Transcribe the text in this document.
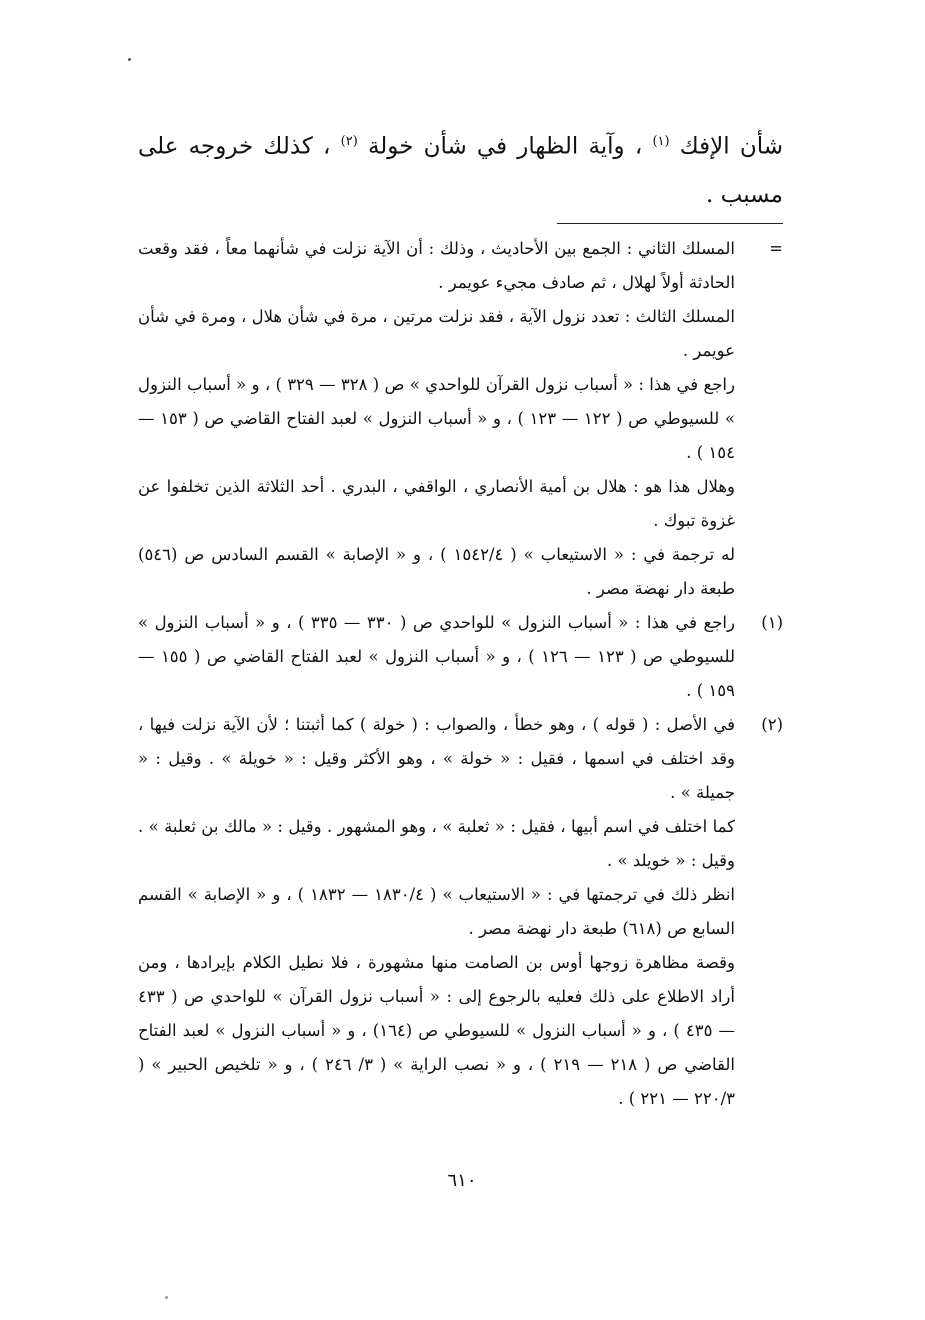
شأن الإفك $^{(١)}$ ، وآية الظهار في شأن خولة $^{(٢)}$ ، كذلك خروجه على مسبب .

=

المسلك الثاني : الجمع بين الأحاديث ، وذلك : أن الآية نزلت في شأنهما معاً ، فقد وقعت الحادثة أولاً لهلال ، ثم صادف مجيء عويمر .

المسلك الثالث : تعدد نزول الآية ، فقد نزلت مرتين ، مرة في شأن هلال ، ومرة في شأن عويمر .

راجع في هذا : « أسباب نزول القرآن للواحدي » ص ( ٣٢٨ — ٣٢٩ ) ، و « أسباب النزول » للسيوطي ص ( ١٢٢ — ١٢٣ ) ، و « أسباب النزول » لعبد الفتاح القاضي ص ( ١٥٣ — ١٥٤ ) .

وهلال هذا هو : هلال بن أمية الأنصاري ، الواقفي ، البدري . أحد الثلاثة الذين تخلفوا عن غزوة تبوك .

له ترجمة في : « الاستيعاب » ( ١٥٤٢/٤ ) ، و « الإصابة » القسم السادس ص (٥٤٦) طبعة دار نهضة مصر .

(١)

راجع في هذا : « أسباب النزول » للواحدي ص ( ٣٣٠ — ٣٣٥ ) ، و « أسباب النزول » للسيوطي ص ( ١٢٣ — ١٢٦ ) ، و « أسباب النزول » لعبد الفتاح القاضي ص ( ١٥٥ — ١٥٩ ) .

(٢)

في الأصل : ( قوله ) ، وهو خطأ ، والصواب : ( خولة ) كما أثبتنا ؛ لأن الآية نزلت فيها ، وقد اختلف في اسمها ، فقيل : « خولة » ، وهو الأكثر وقيل : « خويلة » . وقيل : « جميلة » .

كما اختلف في اسم أبيها ، فقيل : « ثعلبة » ، وهو المشهور . وقيل : « مالك بن ثعلبة » . وقيل : « خويلد » .

انظر ذلك في ترجمتها في : « الاستيعاب » ( ١٨٣٠/٤ — ١٨٣٢ ) ، و « الإصابة » القسم السابع ص (٦١٨) طبعة دار نهضة مصر .

وقصة مظاهرة زوجها أوس بن الصامت منها مشهورة ، فلا نطيل الكلام بإيرادها ، ومن أراد الاطلاع على ذلك فعليه بالرجوع إلى : « أسباب نزول القرآن » للواحدي ص ( ٤٣٣ — ٤٣٥ ) ، و « أسباب النزول » للسيوطي ص (١٦٤) ، و « أسباب النزول » لعبد الفتاح القاضي ص ( ٢١٨ — ٢١٩ ) ، و « نصب الراية » ( ٣/ ٢٤٦ ) ، و « تلخيص الحبير » ( ٢٢٠/٣ — ٢٢١ ) .

٦١٠
